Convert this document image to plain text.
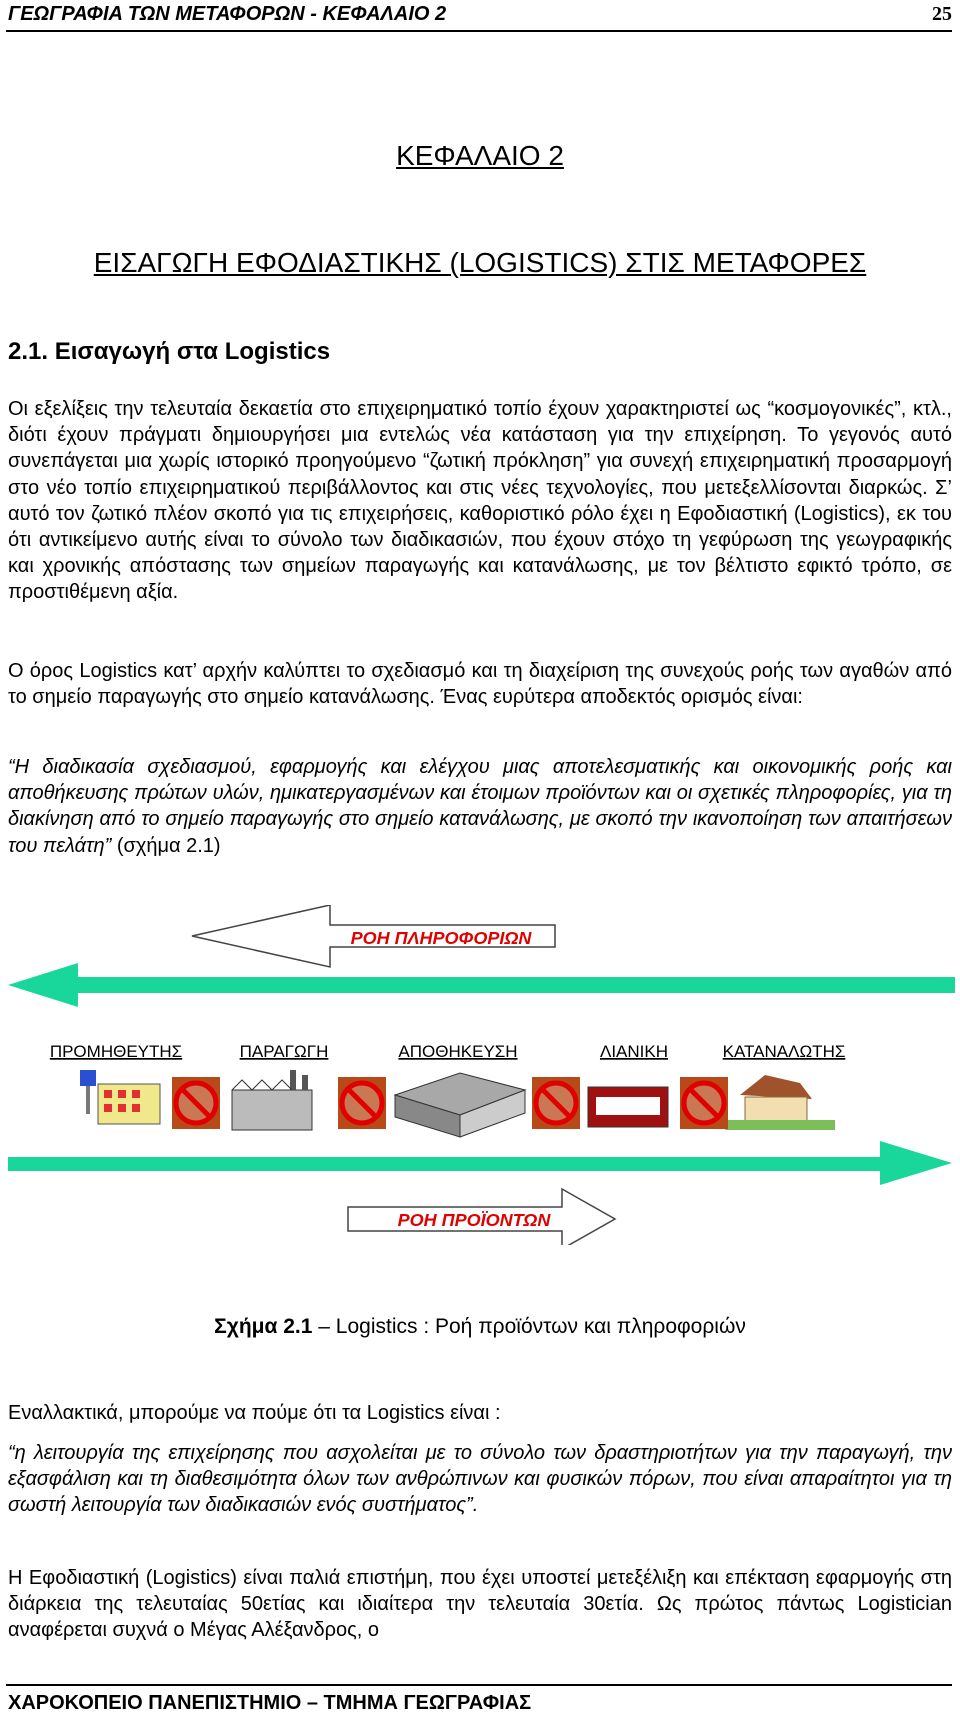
ΓΕΩΓΡΑΦΙΑ ΤΩΝ ΜΕΤΑΦΟΡΩΝ - ΚΕΦΑΛΑΙΟ 2	25
ΚΕΦΑΛΑΙΟ 2
ΕΙΣΑΓΩΓΗ ΕΦΟΔΙΑΣΤΙΚΗΣ (LOGISTICS) ΣΤΙΣ ΜΕΤΑΦΟΡΕΣ
2.1. Εισαγωγή στα Logistics

Οι εξελίξεις την τελευταία δεκαετία στο επιχειρηματικό τοπίο έχουν χαρακτηριστεί ως “κοσμογονικές”, κτλ., διότι έχουν πράγματι δημιουργήσει μια εντελώς νέα κατάσταση για την επιχείρηση. Το γεγονός αυτό συνεπάγεται μια χωρίς ιστορικό προηγούμενο “ζωτική πρόκληση” για συνεχή επιχειρηματική προσαρμογή στο νέο τοπίο επιχειρηματικού περιβάλλοντος και στις νέες τεχνολογίες, που μετεξελλίσονται διαρκώς. Σ’ αυτό τον ζωτικό πλέον σκοπό για τις επιχειρήσεις, καθοριστικό ρόλο έχει η Εφοδιαστική (Logistics), εκ του ότι αντικείμενο αυτής είναι το σύνολο των διαδικασιών, που έχουν στόχο τη γεφύρωση της γεωγραφικής και χρονικής απόστασης των σημείων παραγωγής και κατανάλωσης, με τον βέλτιστο εφικτό τρόπο, σε προστιθέμενη αξία.

Ο όρος Logistics κατ’ αρχήν καλύπτει το σχεδιασμό και τη διαχείριση της συνεχούς ροής των αγαθών από το σημείο παραγωγής στο σημείο κατανάλωσης. Ένας ευρύτερα αποδεκτός ορισμός είναι:

“Η διαδικασία σχεδιασμού, εφαρμογής και ελέγχου μιας αποτελεσματικής και οικονομικής ροής και αποθήκευσης πρώτων υλών, ημικατεργασμένων και έτοιμων προϊόντων και οι σχετικές πληροφορίες, για τη διακίνηση από το σημείο παραγωγής στο σημείο κατανάλωσης, με σκοπό την ικανοποίηση των απαιτήσεων του πελάτη” (σχήμα 2.1)

ΡΟΗ ΠΛΗΡΟΦΟΡΙΩΝ
ΠΡΟΜΗΘΕΥΤΗΣ	ΠΑΡΑΓΩΓΗ	ΑΠΟΘΗΚΕΥΣΗ	ΛΙΑΝΙΚΗ	ΚΑΤΑΝΑΛΩΤΗΣ
ΡΟΗ ΠΡΟΪΟΝΤΩΝ
Σχήμα 2.1 – Logistics : Ροή προϊόντων και πληροφοριών

Εναλλακτικά, μπορούμε να πούμε ότι τα Logistics είναι :

“η λειτουργία της επιχείρησης που ασχολείται με το σύνολο των δραστηριοτήτων για την παραγωγή, την εξασφάλιση και τη διαθεσιμότητα όλων των ανθρώπινων και φυσικών πόρων, που είναι απαραίτητοι για τη σωστή λειτουργία των διαδικασιών ενός συστήματος”.

Η Εφοδιαστική (Logistics) είναι παλιά επιστήμη, που έχει υποστεί μετεξέλιξη και επέκταση εφαρμογής στη διάρκεια της τελευταίας 50ετίας και ιδιαίτερα την τελευταία 30ετία. Ως πρώτος πάντως Logistician αναφέρεται συχνά ο Μέγας Αλέξανδρος, ο

ΧΑΡΟΚΟΠΕΙΟ ΠΑΝΕΠΙΣΤΗΜΙΟ – ΤΜΗΜΑ ΓΕΩΓΡΑΦΙΑΣ
